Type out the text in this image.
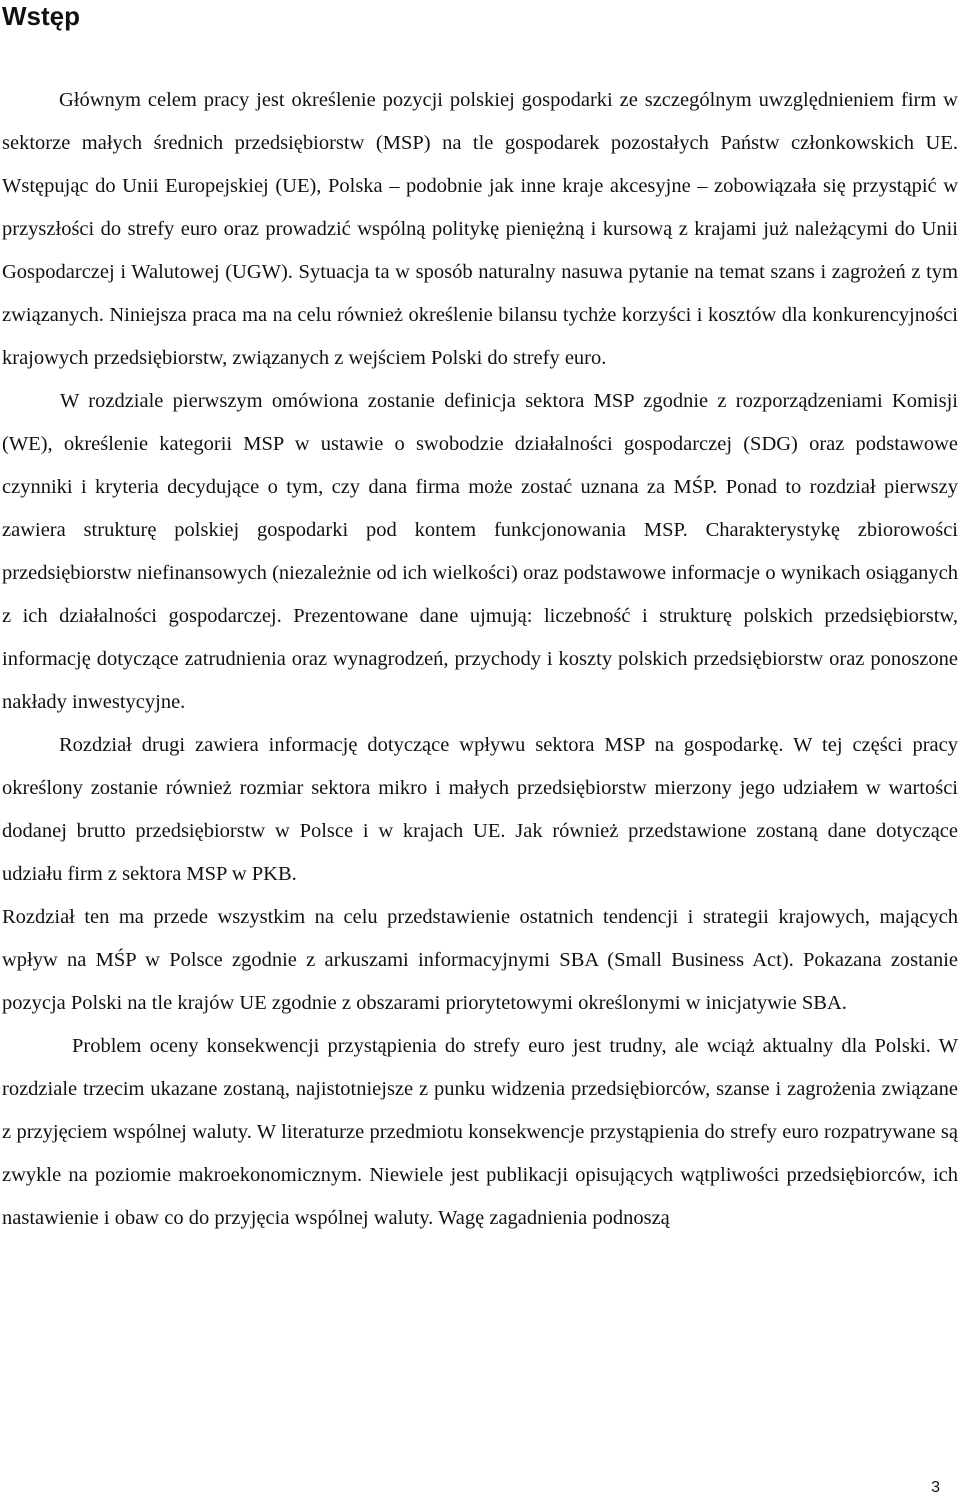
Wstęp

Głównym celem pracy jest określenie pozycji polskiej gospodarki ze szczególnym uwzględnieniem firm w sektorze małych średnich przedsiębiorstw (MSP) na tle gospodarek pozostałych Państw członkowskich UE. Wstępując do Unii Europejskiej (UE), Polska – podobnie jak inne kraje akcesyjne – zobowiązała się przystąpić w przyszłości do strefy euro oraz prowadzić wspólną politykę pieniężną i kursową z krajami już należącymi do Unii Gospodarczej i Walutowej (UGW). Sytuacja ta w sposób naturalny nasuwa pytanie na temat szans i zagrożeń z tym związanych. Niniejsza praca ma na celu również określenie bilansu tychże korzyści i kosztów dla konkurencyjności krajowych przedsiębiorstw, związanych z wejściem Polski do strefy euro.

W rozdziale pierwszym omówiona zostanie definicja sektora MSP zgodnie z rozporządzeniami Komisji (WE), określenie kategorii MSP w ustawie o swobodzie działalności gospodarczej (SDG) oraz podstawowe czynniki i kryteria decydujące o tym, czy dana firma może zostać uznana za MŚP. Ponad to rozdział pierwszy zawiera strukturę polskiej gospodarki pod kontem funkcjonowania MSP. Charakterystykę zbiorowości przedsiębiorstw niefinansowych (niezależnie od ich wielkości) oraz podstawowe informacje o wynikach osiąganych z ich działalności gospodarczej. Prezentowane dane ujmują: liczebność i strukturę polskich przedsiębiorstw, informację dotyczące zatrudnienia oraz wynagrodzeń, przychody i koszty polskich przedsiębiorstw oraz ponoszone nakłady inwestycyjne.

Rozdział drugi zawiera informację dotyczące wpływu sektora MSP na gospodarkę. W tej części pracy określony zostanie również rozmiar sektora mikro i małych przedsiębiorstw mierzony jego udziałem w wartości dodanej brutto przedsiębiorstw w Polsce i w krajach UE. Jak również przedstawione zostaną dane dotyczące udziału firm z sektora MSP w PKB.

Rozdział ten ma przede wszystkim na celu przedstawienie ostatnich tendencji i strategii krajowych, mających wpływ na MŚP w Polsce zgodnie z arkuszami informacyjnymi SBA (Small Business Act). Pokazana zostanie pozycja Polski na tle krajów UE zgodnie z obszarami priorytetowymi określonymi w inicjatywie SBA.

Problem oceny konsekwencji przystąpienia do strefy euro jest trudny, ale wciąż aktualny dla Polski. W rozdziale trzecim ukazane zostaną, najistotniejsze z punku widzenia przedsiębiorców, szanse i zagrożenia związane z przyjęciem wspólnej waluty. W literaturze przedmiotu konsekwencje przystąpienia do strefy euro rozpatrywane są zwykle na poziomie makroekonomicznym. Niewiele jest publikacji opisujących wątpliwości przedsiębiorców, ich nastawienie i obaw co do przyjęcia wspólnej waluty. Wagę zagadnienia podnoszą

3
